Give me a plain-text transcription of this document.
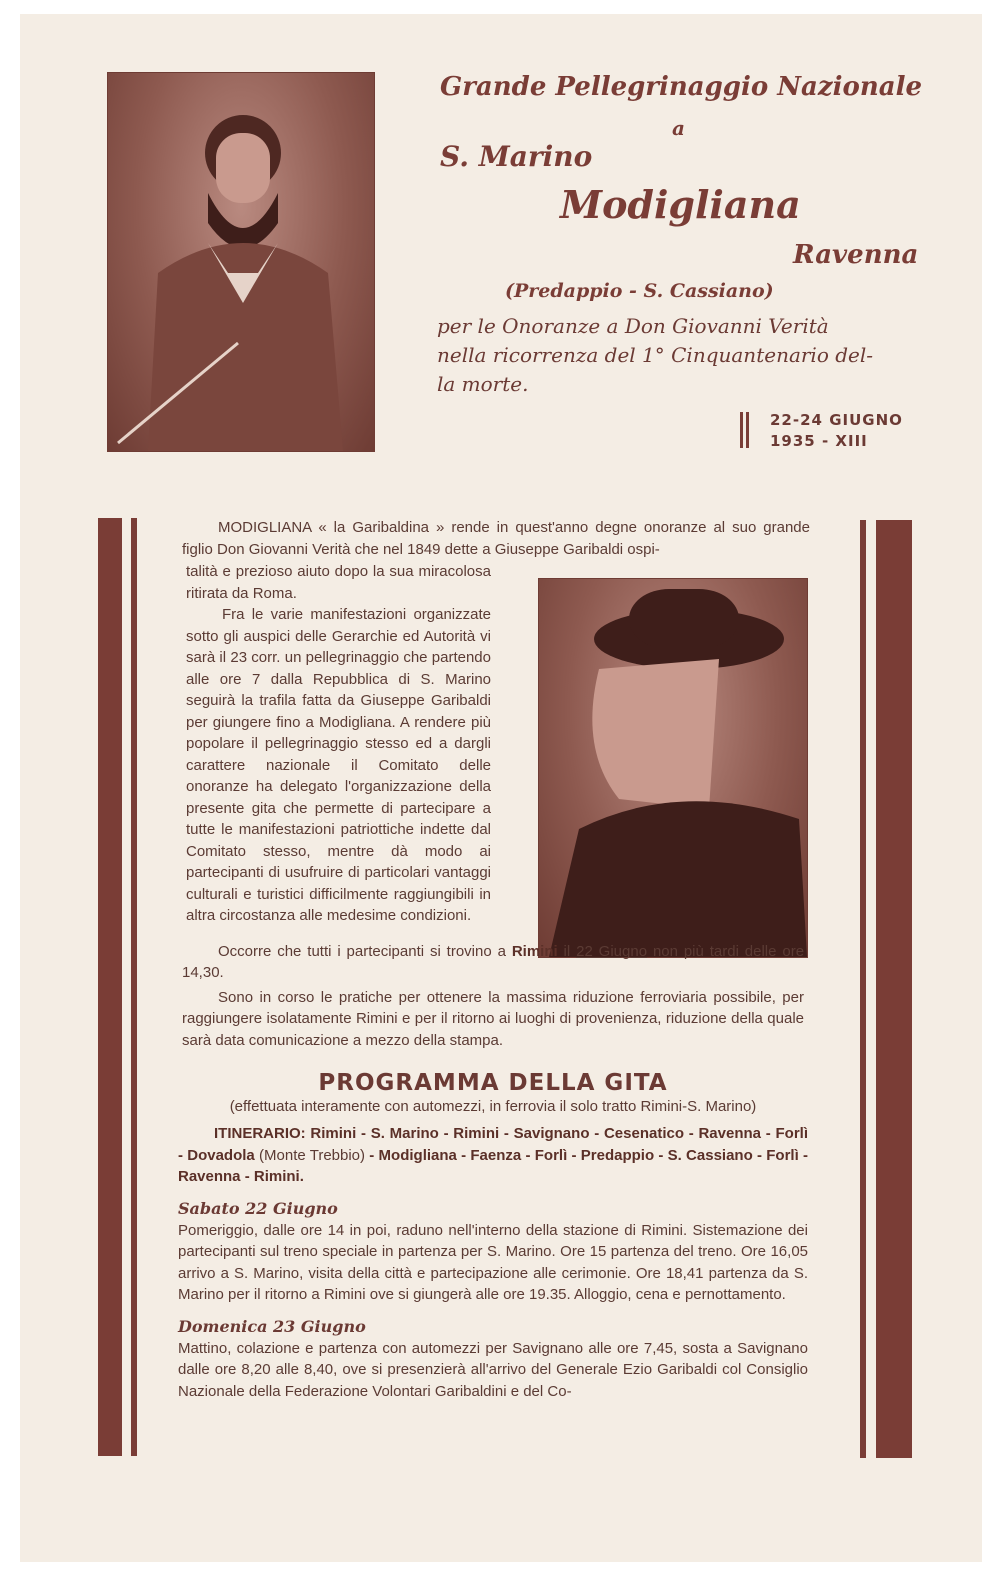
Grande Pellegrinaggio Nazionale
a
S. Marino
Modigliana
Ravenna
(Predappio - S. Cassiano)
per le Onoranze a Don Giovanni Verità
nella ricorrenza del 1° Cinquantenario del-
la morte.
22-24 GIUGNO
1935 - XIII

MODIGLIANA « la Garibaldina » rende in quest'anno degne onoranze al suo grande figlio Don Giovanni Verità che nel 1849 dette a Giuseppe Garibaldi ospi-

talità e prezioso aiuto dopo la sua miracolosa ritirata da Roma.

Fra le varie manifestazioni organizzate sotto gli auspici delle Gerarchie ed Autorità vi sarà il 23 corr. un pellegrinaggio che partendo alle ore 7 dalla Repubblica di S. Marino seguirà la trafila fatta da Giuseppe Garibaldi per giungere fino a Modigliana. A rendere più popolare il pellegrinaggio stesso ed a dargli carattere nazionale il Comitato delle onoranze ha delegato l'organizzazione della presente gita che permette di partecipare a tutte le manifestazioni patriottiche indette dal Comitato stesso, mentre dà modo ai partecipanti di usufruire di particolari vantaggi culturali e turistici difficilmente raggiungibili in altra circostanza alle medesime condizioni.

Occorre che tutti i partecipanti si trovino a Rimini il 22 Giugno non più tardi delle ore 14,30.

Sono in corso le pratiche per ottenere la massima riduzione ferroviaria possibile, per raggiungere isolatamente Rimini e per il ritorno ai luoghi di provenienza, riduzione della quale sarà data comunicazione a mezzo della stampa.

PROGRAMMA DELLA GITA
(effettuata interamente con automezzi, in ferrovia il solo tratto Rimini-S. Marino)

ITINERARIO: Rimini - S. Marino - Rimini - Savignano - Cesenatico - Ravenna - Forlì - Dovadola (Monte Trebbio) - Modigliana - Faenza - Forlì - Predappio - S. Cassiano - Forlì - Ravenna - Rimini.

Sabato 22 Giugno

Pomeriggio, dalle ore 14 in poi, raduno nell'interno della stazione di Rimini. Sistemazione dei partecipanti sul treno speciale in partenza per S. Marino. Ore 15 partenza del treno. Ore 16,05 arrivo a S. Marino, visita della città e partecipazione alle cerimonie. Ore 18,41 partenza da S. Marino per il ritorno a Rimini ove si giungerà alle ore 19.35. Alloggio, cena e pernottamento.

Domenica 23 Giugno

Mattino, colazione e partenza con automezzi per Savignano alle ore 7,45, sosta a Savignano dalle ore 8,20 alle 8,40, ove si presenzierà all'arrivo del Generale Ezio Garibaldi col Consiglio Nazionale della Federazione Volontari Garibaldini e del Co-
